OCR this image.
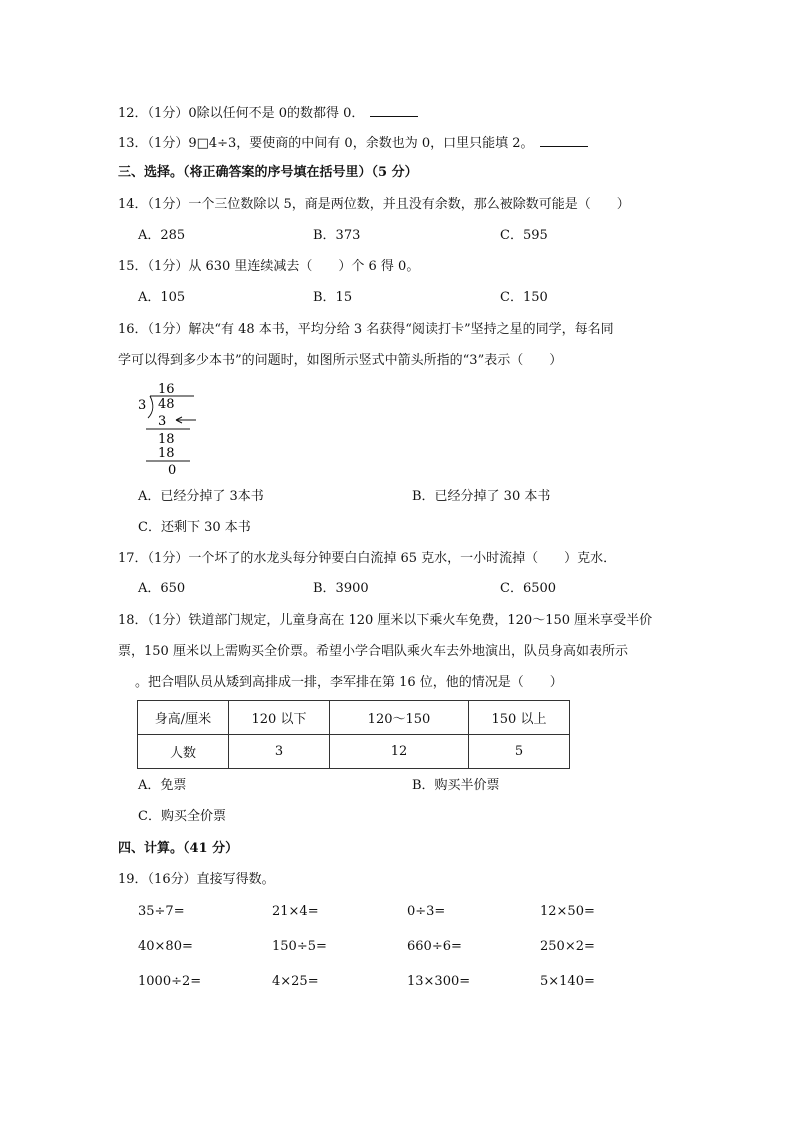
12．（1分）0除以任何不是 0的数都得 0．
13．（1分）9□4÷3，要使商的中间有 0，余数也为 0，口里只能填 2。
三、选择。（将正确答案的序号填在括号里）（5 分）
14．（1分）一个三位数除以 5，商是两位数，并且没有余数，那么被除数可能是（　　）
A．285	B．373	C．595
15．（1分）从 630 里连续减去（　　）个 6 得 0。
A．105	B．15	C．150
16．（1分）解决“有 48 本书，平均分给 3 名获得“阅读打卡”坚持之星的同学，每名同
学可以得到多少本书”的问题时，如图所示竖式中箭头所指的“3”表示（　　）
16
3 48
3
18
18
0
A．已经分掉了 3本书	B．已经分掉了 30 本书
C．还剩下 30 本书
17．（1分）一个坏了的水龙头每分钟要白白流掉 65 克水，一小时流掉（　　）克水．
A．650	B．3900	C．6500
18．（1分）铁道部门规定，儿童身高在 120 厘米以下乘火车免费，120～150 厘米享受半价
票，150 厘米以上需购买全价票。希望小学合唱队乘火车去外地演出，队员身高如表所示
。把合唱队员从矮到高排成一排，李军排在第 16 位，他的情况是（　　）
身高/厘米	120 以下	120～150	150 以上
人数	3	12	5
A．免票	B．购买半价票
C．购买全价票
四、计算。（41 分）
19．（16分）直接写得数。
35÷7=	21×4=	0÷3=	12×50=
40×80=	150÷5=	660÷6=	250×2=
1000÷2=	4×25=	13×300=	5×140=
